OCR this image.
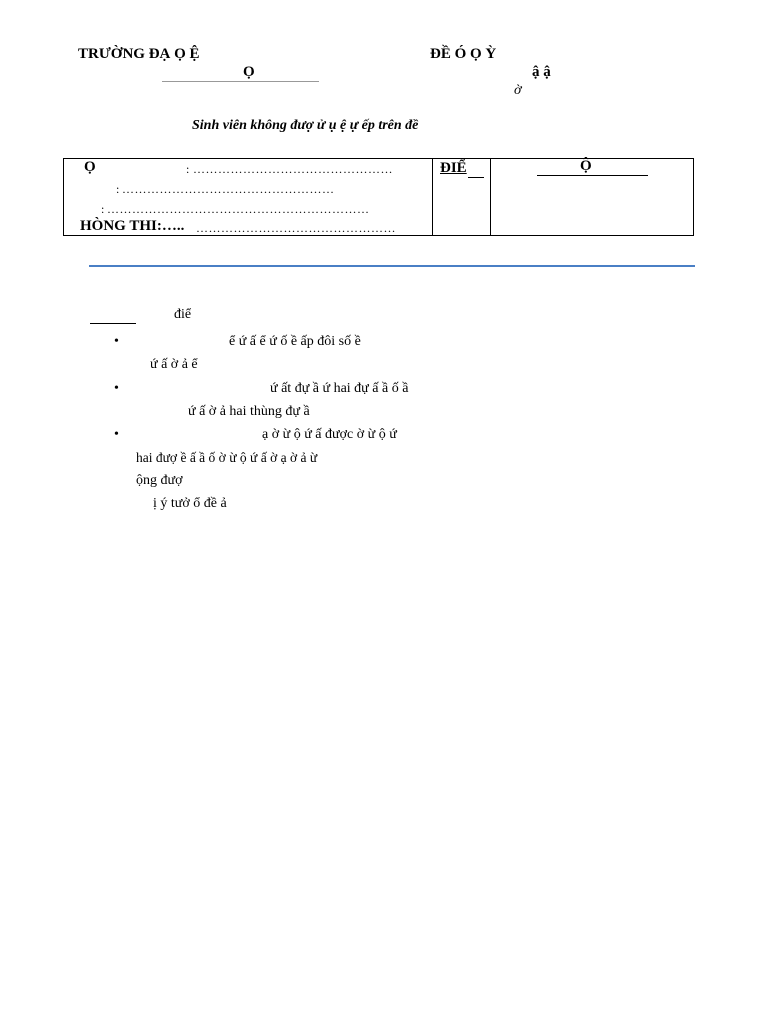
TRƯỜNG ĐẠ Ọ Ệ
Ọ
ĐỀ Ó Ọ Ỳ
ậ ậ
ờ
Sinh viên không đượ ử ụ ệ ự ếp trên đề
Ọ	: …………………………………………
: ……………………………………………
: ………………………………………………………
HÒNG THI:….. …………………………………………
ĐIỂ	Ộ
điể
•	ể ứ ấ ể ứ ố ề ấp đôi số ề
ứ ấ ờ ả ể
•	ứ ất đự ầ ứ hai đự ấ ầ ố ầ
ứ ấ ờ ả hai thùng đự ầ
•	ạ ờ ừ ộ ứ ấ được ờ ừ ộ ứ
hai đượ ề ấ ầ ố ờ ừ ộ ứ ấ ờ ạ ờ ả ừ
ộng đượ
ị ý tưở ổ đề ả
